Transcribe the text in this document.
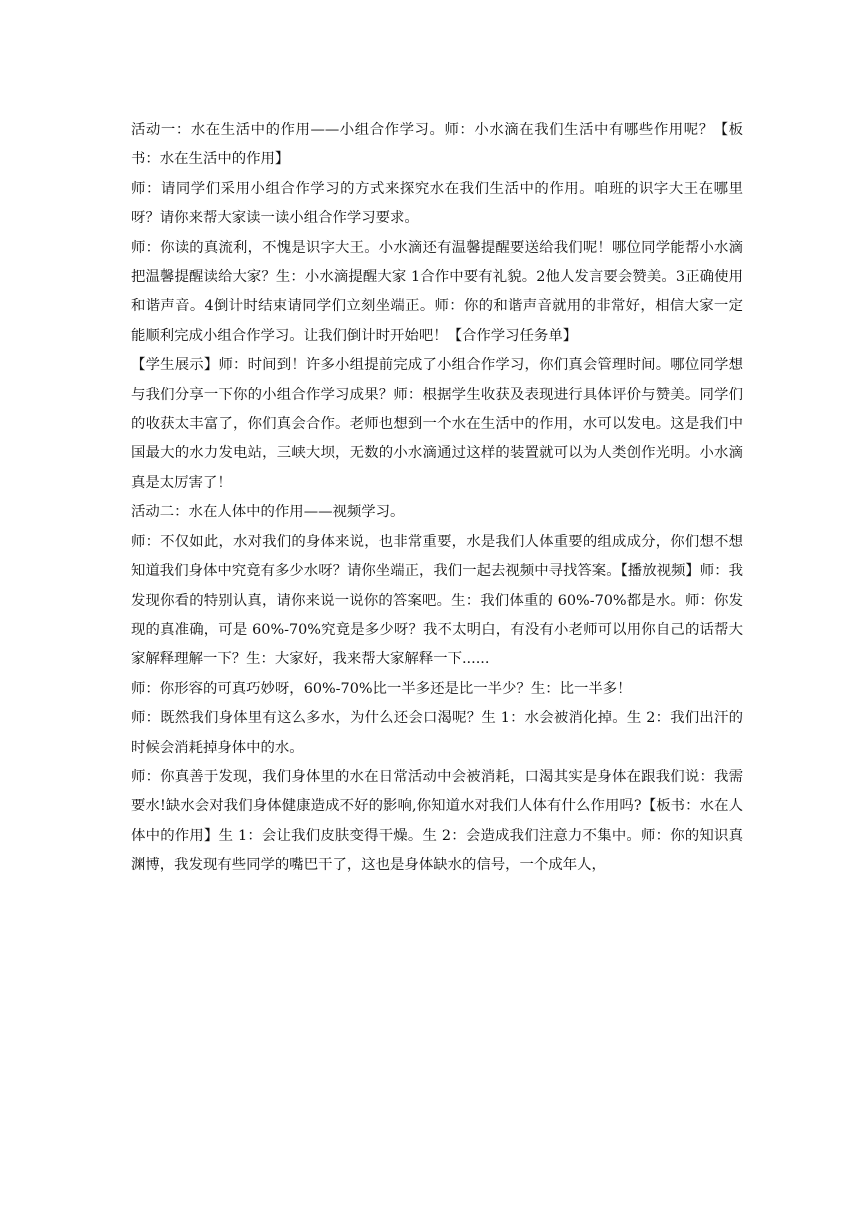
活动一：水在生活中的作用——小组合作学习。师：小水滴在我们生活中有哪些作用呢？【板书：水在生活中的作用】

师：请同学们采用小组合作学习的方式来探究水在我们生活中的作用。咱班的识字大王在哪里呀？请你来帮大家读一读小组合作学习要求。

师：你读的真流利，不愧是识字大王。小水滴还有温馨提醒要送给我们呢！哪位同学能帮小水滴把温馨提醒读给大家？生：小水滴提醒大家 1合作中要有礼貌。2他人发言要会赞美。3正确使用和谐声音。4倒计时结束请同学们立刻坐端正。师：你的和谐声音就用的非常好，相信大家一定能顺利完成小组合作学习。让我们倒计时开始吧！【合作学习任务单】

【学生展示】师：时间到！许多小组提前完成了小组合作学习，你们真会管理时间。哪位同学想与我们分享一下你的小组合作学习成果？师：根据学生收获及表现进行具体评价与赞美。同学们的收获太丰富了，你们真会合作。老师也想到一个水在生活中的作用，水可以发电。这是我们中国最大的水力发电站，三峡大坝，无数的小水滴通过这样的装置就可以为人类创作光明。小水滴真是太厉害了！

活动二：水在人体中的作用——视频学习。

师：不仅如此，水对我们的身体来说，也非常重要，水是我们人体重要的组成成分，你们想不想知道我们身体中究竟有多少水呀？请你坐端正，我们一起去视频中寻找答案。【播放视频】师：我发现你看的特别认真，请你来说一说你的答案吧。生：我们体重的 60%-70%都是水。师：你发现的真准确，可是 60%-70%究竟是多少呀？我不太明白，有没有小老师可以用你自己的话帮大家解释理解一下？生：大家好，我来帮大家解释一下......

师：你形容的可真巧妙呀，60%-70%比一半多还是比一半少？生：比一半多！

师：既然我们身体里有这么多水，为什么还会口渴呢？生 1：水会被消化掉。生 2：我们出汗的时候会消耗掉身体中的水。

师：你真善于发现，我们身体里的水在日常活动中会被消耗，口渴其实是身体在跟我们说：我需要水!缺水会对我们身体健康造成不好的影响,你知道水对我们人体有什么作用吗?【板书：水在人体中的作用】生 1：会让我们皮肤变得干燥。生 2：会造成我们注意力不集中。师：你的知识真渊博，我发现有些同学的嘴巴干了，这也是身体缺水的信号，一个成年人，
